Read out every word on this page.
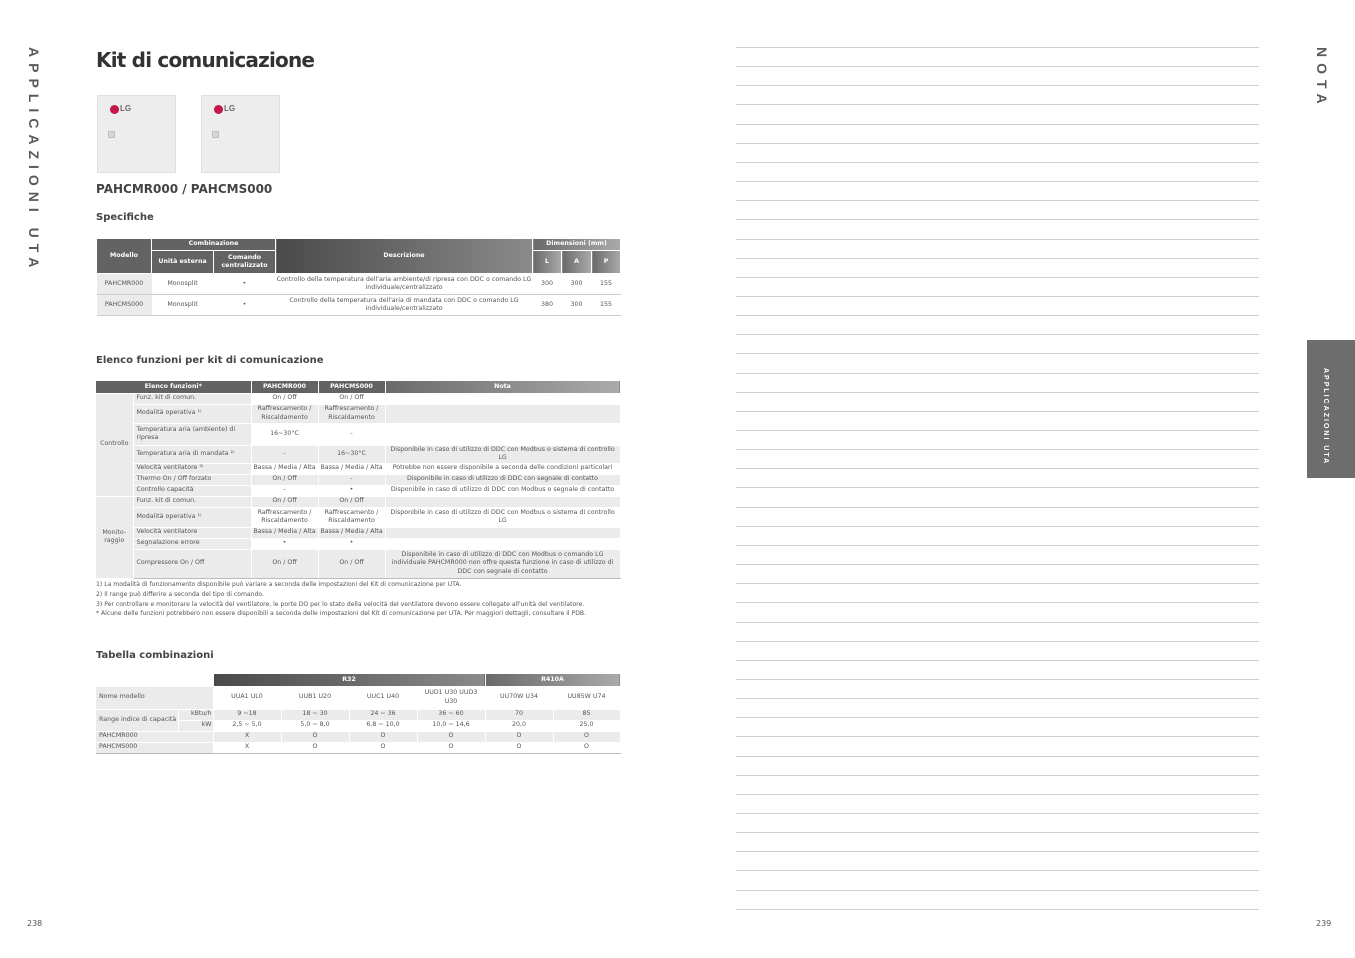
APPLICAZIONI UTA	NOTA
APPLICAZIONI UTA
238	239
Kit di comunicazione
LG	LG
PAHCMR000 / PAHCMS000
Specifiche
Modello	Combinazione		Descrizione	Dimensioni (mm)		
	Unità esterna	Comando centralizzato		L	A	P
PAHCMR000	Monosplit	•	Controllo della temperatura dell'aria ambiente/di ripresa con DDC o comando LG individuale/centralizzato	300	300	155
PAHCMS000	Monosplit	•	Controllo della temperatura dell'aria di mandata con DDC o comando LG individuale/centralizzato	380	300	155
Elenco funzioni per kit di comunicazione
Elenco funzioni*		PAHCMR000	PAHCMS000	Nota
Controllo	Funz. kit di comun.	On / Off	On / Off	
	Modalità operativa ¹⁾	Raffrescamento / Riscaldamento	Raffrescamento / Riscaldamento	
	Temperatura aria (ambiente) di ripresa	16~30°C	-	
	Temperatura aria di mandata ²⁾	-	16~30°C	Disponibile in caso di utilizzo di DDC con Modbus o sistema di controllo LG
	Velocità ventilatore ³⁾	Bassa / Media / Alta	Bassa / Media / Alta	Potrebbe non essere disponibile a seconda delle condizioni particolari
	Thermo On / Off forzato	On / Off	-	Disponibile in caso di utilizzo di DDC con segnale di contatto
	Controllo capacità	-	•	Disponibile in caso di utilizzo di DDC con Modbus o segnale di contatto
Monito-raggio	Funz. kit di comun.	On / Off	On / Off	
	Modalità operativa ¹⁾	Raffrescamento / Riscaldamento	Raffrescamento / Riscaldamento	Disponibile in caso di utilizzo di DDC con Modbus o sistema di controllo LG
	Velocità ventilatore	Bassa / Media / Alta	Bassa / Media / Alta	
	Segnalazione errore	•	•	
	Compressore On / Off	On / Off	On / Off	Disponibile in caso di utilizzo di DDC con Modbus o comando LG individuale PAHCMR000 non offre questa funzione in caso di utilizzo di DDC con segnale di contatto
1) La modalità di funzionamento disponibile può variare a seconda delle impostazioni del Kit di comunicazione per UTA.
2) Il range può differire a seconda del tipo di comando.
3) Per controllare e monitorare la velocità del ventilatore, le porte DO per lo stato della velocità del ventilatore devono essere collegate all'unità del ventilatore.
* Alcune delle funzioni potrebbero non essere disponibili a seconda delle impostazioni del Kit di comunicazione per UTA. Per maggiori dettagli, consultare il PDB.
Tabella combinazioni
		R32				R410A	
Nome modello		UUA1 UL0	UUB1 U20	UUC1 U40	UUD1 U30 UUD3 U30	UU70W U34	UU85W U74
Range indice di capacità	kBtu/h	9 ~18	18 ~ 30	24 ~ 36	36 ~ 60	70	85
	kW	2,5 ~ 5,0	5,0 ~ 8,0	6,8 ~ 10,0	10,0 ~ 14,6	20,0	25,0
PAHCMR000		X	O	O	O	O	O
PAHCMS000		X	O	O	O	O	O
